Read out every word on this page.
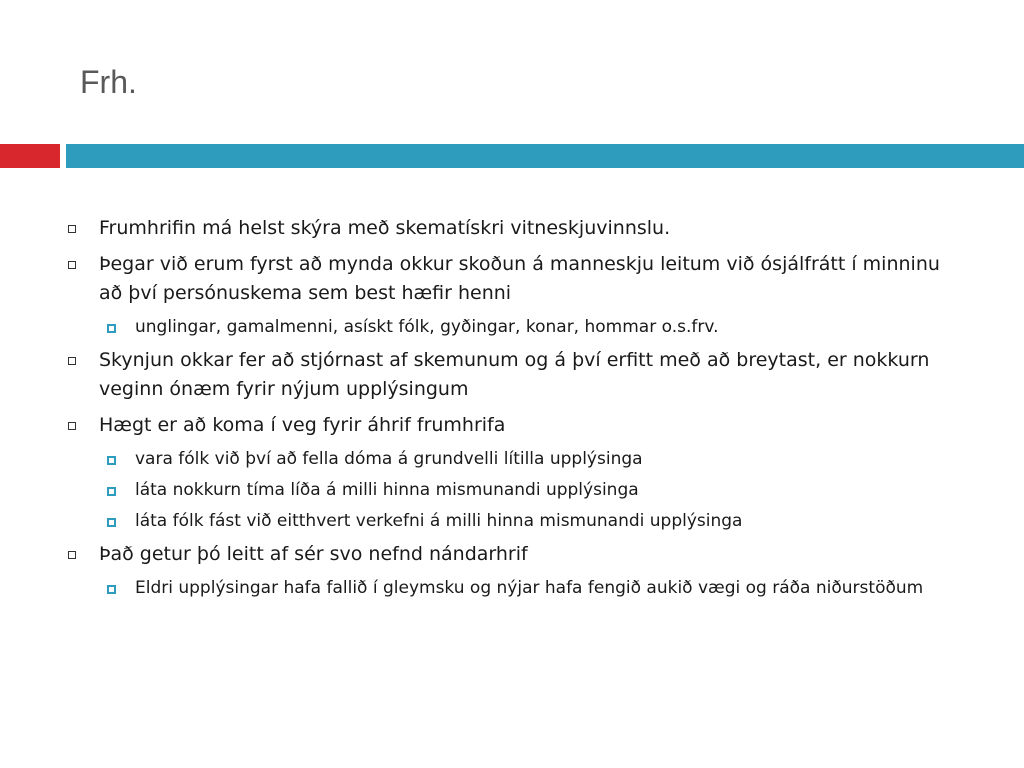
Frh.
Frumhrifin má helst skýra með skematískri vitneskjuvinnslu.
Þegar við erum fyrst að mynda okkur skoðun á manneskju leitum við ósjálfrátt í minninu að því persónuskema sem best hæfir henni
unglingar, gamalmenni, asískt fólk, gyðingar, konar, hommar o.s.frv.
Skynjun okkar fer að stjórnast af skemunum og á því erfitt með að breytast, er nokkurn veginn ónæm fyrir nýjum upplýsingum
Hægt er að koma í veg fyrir áhrif frumhrifa
vara fólk við því að fella dóma á grundvelli lítilla upplýsinga
láta nokkurn tíma líða á milli hinna mismunandi upplýsinga
láta fólk fást við eitthvert verkefni á milli hinna mismunandi upplýsinga
Það getur þó leitt af sér svo nefnd nándarhrif
Eldri upplýsingar hafa fallið í gleymsku og nýjar hafa fengið aukið vægi og ráða niðurstöðum
